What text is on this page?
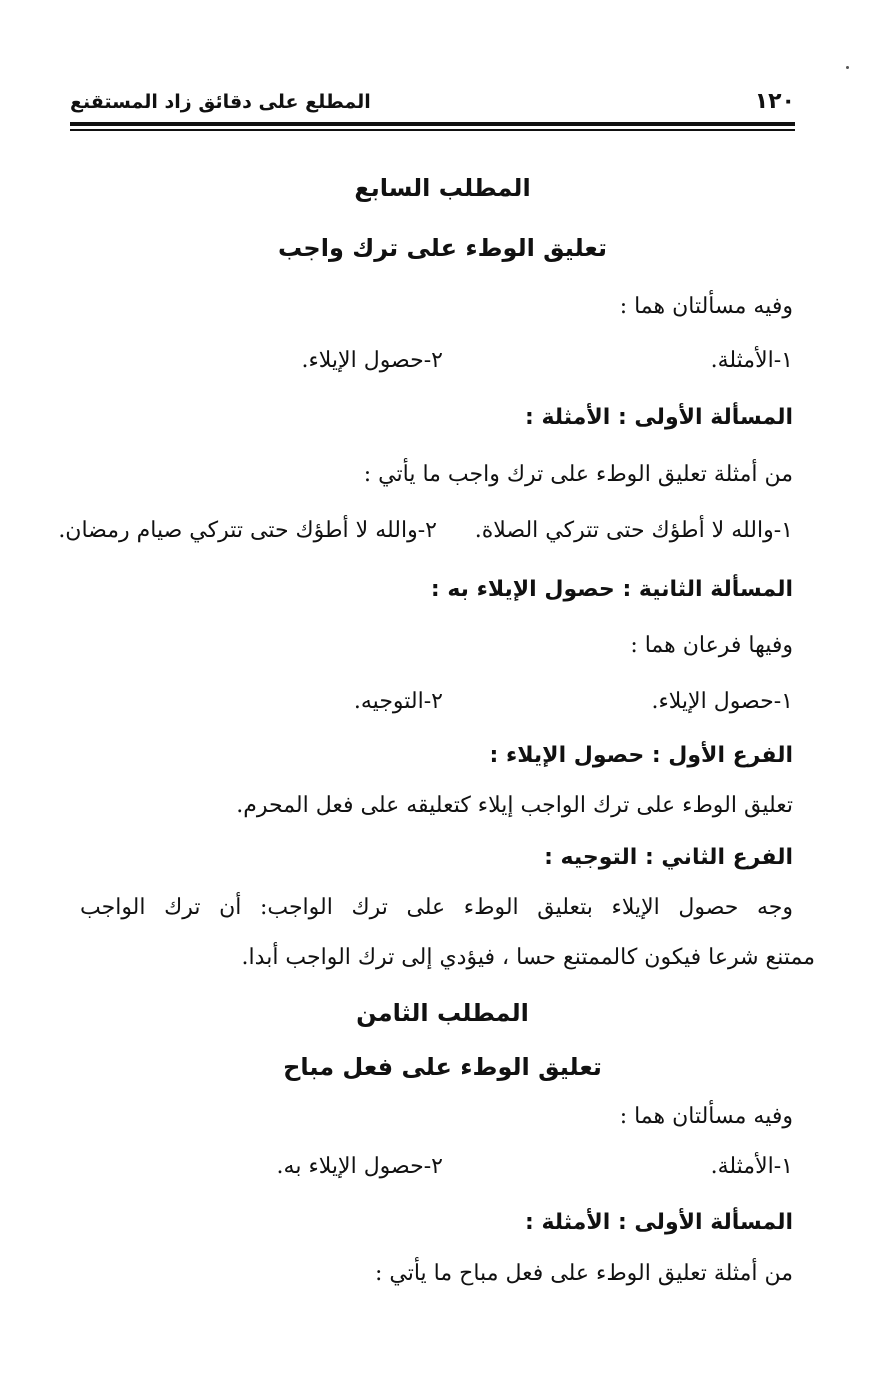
١٢٠
المطلع على دقائق زاد المستقنع
المطلب السابع
تعليق الوطء على ترك واجب
وفيه مسألتان هما :
١-الأمثلة.
٢-حصول الإيلاء.
المسألة الأولى : الأمثلة :
من أمثلة تعليق الوطء على ترك واجب ما يأتي :
١-والله لا أطؤك حتى تتركي الصلاة.
٢-والله لا أطؤك حتى تتركي صيام رمضان.
المسألة الثانية : حصول الإيلاء به :
وفيها فرعان هما :
١-حصول الإيلاء.
٢-التوجيه.
الفرع الأول : حصول الإيلاء :
تعليق الوطء على ترك الواجب إيلاء كتعليقه على فعل المحرم.
الفرع الثاني : التوجيه :
وجه حصول الإيلاء بتعليق الوطء على ترك الواجب: أن ترك الواجب
ممتنع شرعا فيكون كالممتنع حسا ، فيؤدي إلى ترك الواجب أبدا.
المطلب الثامن
تعليق الوطء على فعل مباح
وفيه مسألتان هما :
١-الأمثلة.
٢-حصول الإيلاء به.
المسألة الأولى : الأمثلة :
من أمثلة تعليق الوطء على فعل مباح ما يأتي :
